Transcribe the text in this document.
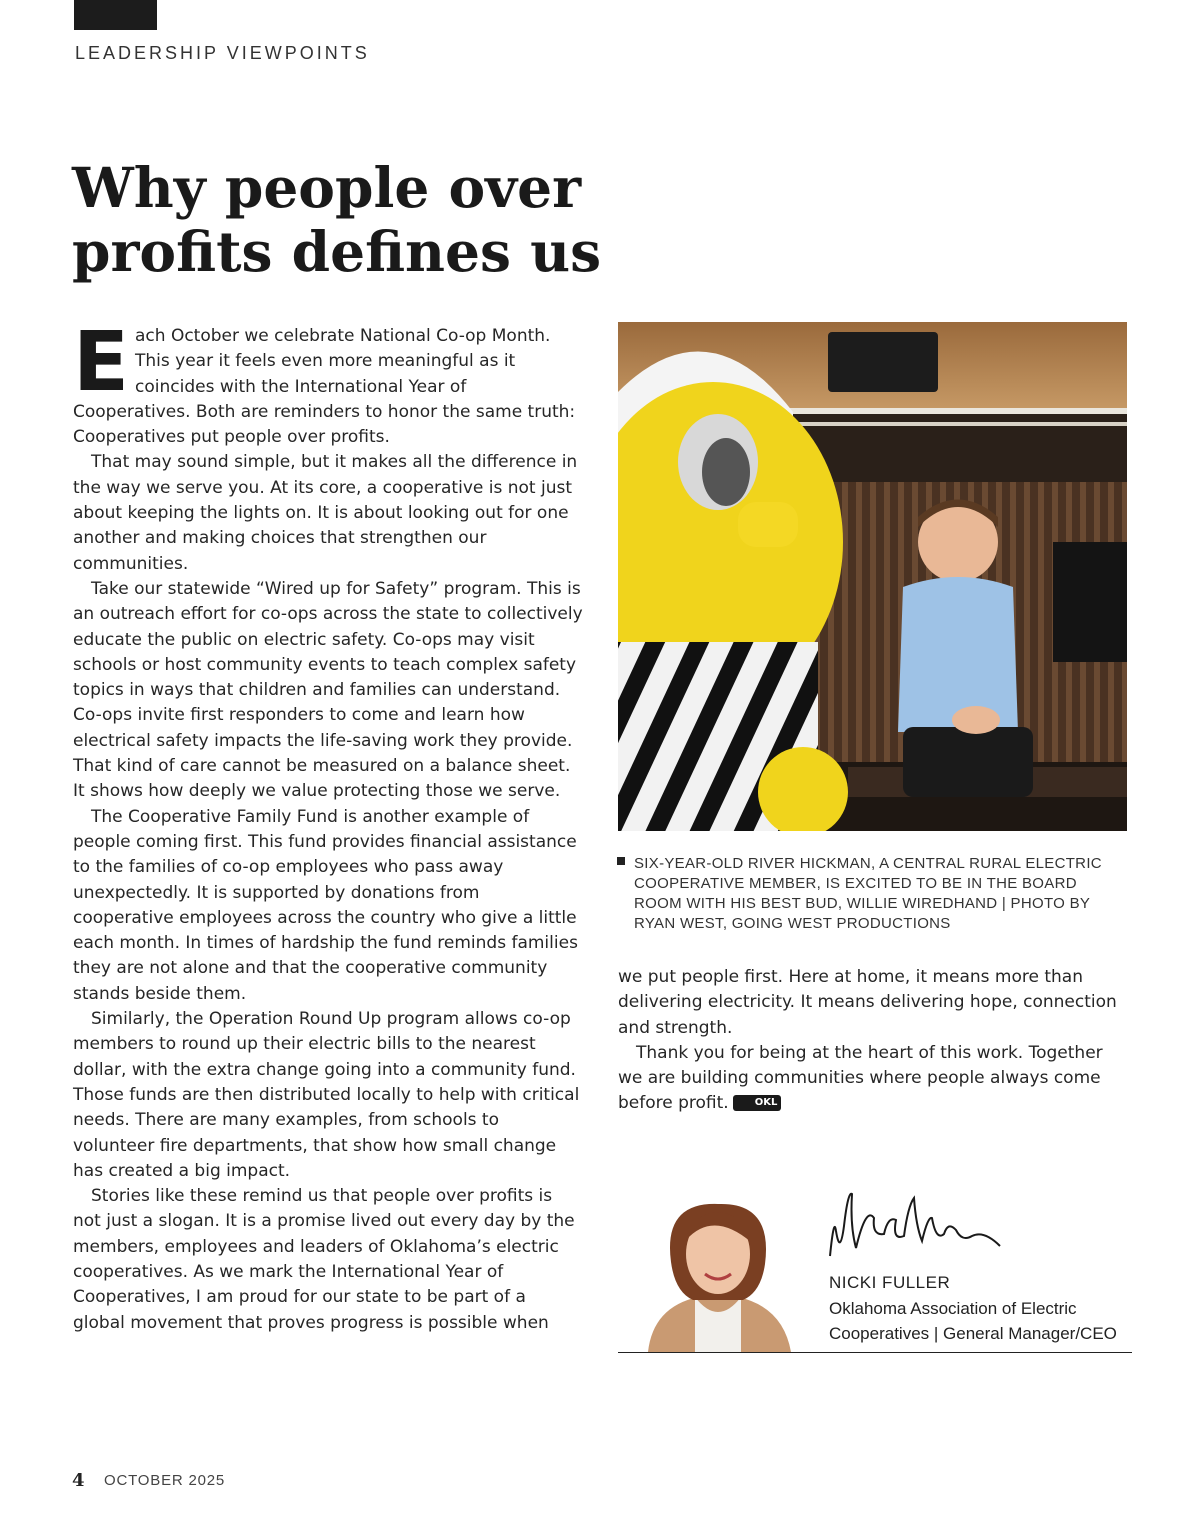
LEADERSHIP VIEWPOINTS
Why people over profits defines us

Each October we celebrate National Co-op Month. This year it feels even more meaningful as it coincides with the International Year of Cooperatives. Both are reminders to honor the same truth: Cooperatives put people over profits.

That may sound simple, but it makes all the difference in the way we serve you. At its core, a cooperative is not just about keeping the lights on. It is about looking out for one another and making choices that strengthen our communities.

Take our statewide “Wired up for Safety” program. This is an outreach effort for co-ops across the state to collectively educate the public on electric safety. Co-ops may visit schools or host community events to teach complex safety topics in ways that children and families can understand. Co-ops invite first responders to come and learn how electrical safety impacts the life-saving work they provide. That kind of care cannot be measured on a balance sheet. It shows how deeply we value protecting those we serve.

The Cooperative Family Fund is another example of people coming first. This fund provides financial assistance to the families of co-op employees who pass away unexpectedly. It is supported by donations from cooperative employees across the country who give a little each month. In times of hardship the fund reminds families they are not alone and that the cooperative community stands beside them.

Similarly, the Operation Round Up program allows co-op members to round up their electric bills to the nearest dollar, with the extra change going into a community fund. Those funds are then distributed locally to help with critical needs. There are many examples, from schools to volunteer fire departments, that show how small change has created a big impact.

Stories like these remind us that people over profits is not just a slogan. It is a promise lived out every day by the members, employees and leaders of Oklahoma’s electric cooperatives. As we mark the International Year of Cooperatives, I am proud for our state to be part of a global movement that proves progress is possible when

SIX-YEAR-OLD RIVER HICKMAN, A CENTRAL RURAL ELECTRIC COOPERATIVE MEMBER, IS EXCITED TO BE IN THE BOARD ROOM WITH HIS BEST BUD, WILLIE WIREDHAND | PHOTO BY RYAN WEST, GOING WEST PRODUCTIONS

we put people first. Here at home, it means more than delivering electricity. It means delivering hope, connection and strength.

Thank you for being at the heart of this work. Together we are building communities where people always come before profit.	OKL

NICKI FULLER
Oklahoma Association of Electric Cooperatives | General Manager/CEO
4 OCTOBER 2025
